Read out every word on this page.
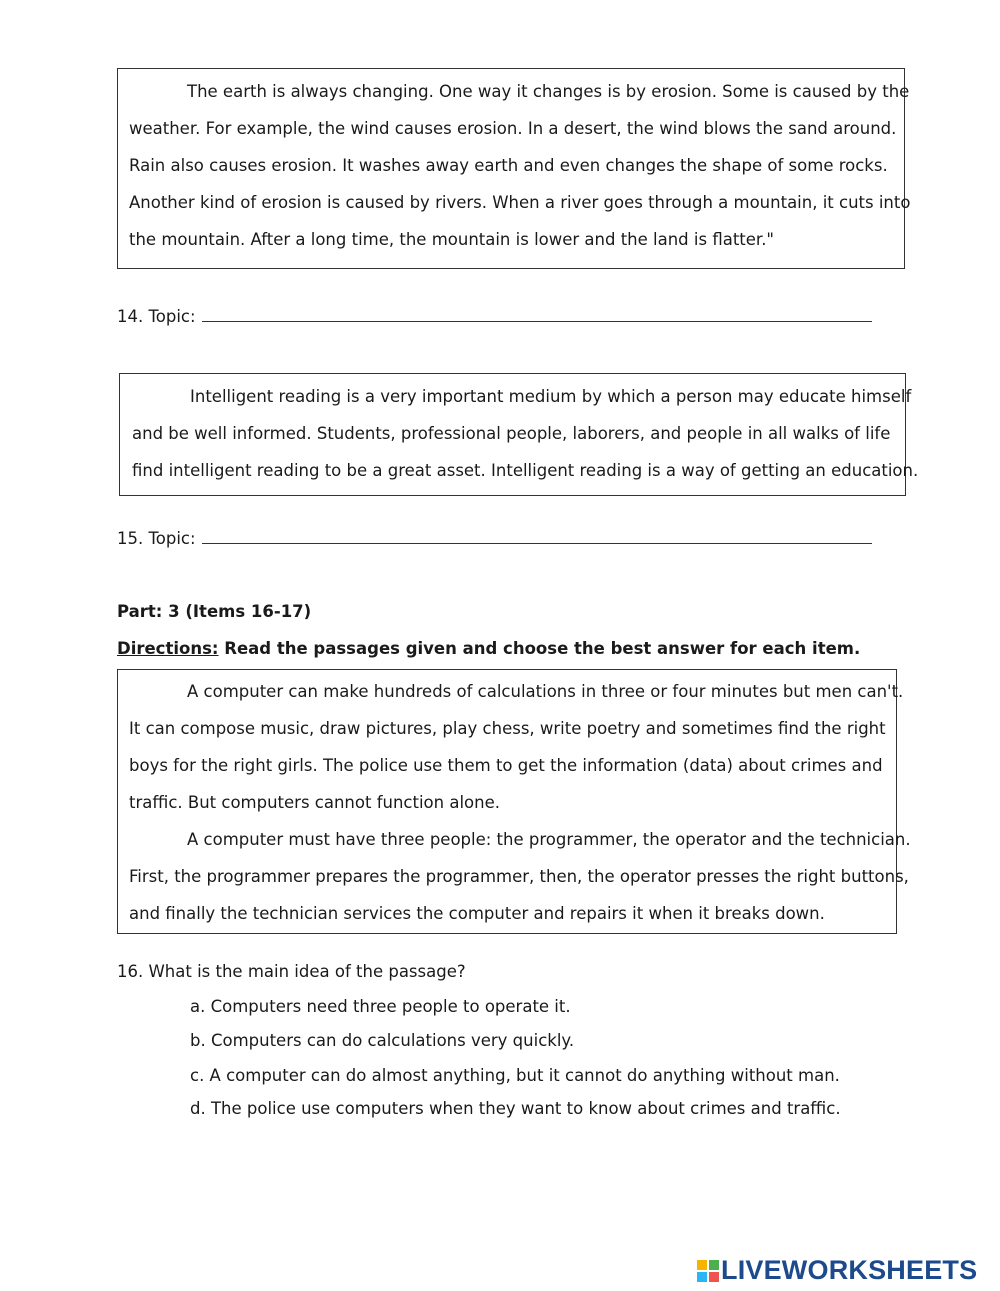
The earth is always changing. One way it changes is by erosion. Some is caused by the

weather. For example, the wind causes erosion. In a desert, the wind blows the sand around.

Rain also causes erosion. It washes away earth and even changes the shape of some rocks.

Another kind of erosion is caused by rivers. When a river goes through a mountain, it cuts into

the mountain. After a long time, the mountain is lower and the land is flatter."

14. Topic:

Intelligent reading is a very important medium by which a person may educate himself

and be well informed. Students, professional people, laborers, and people in all walks of life

find intelligent reading to be a great asset. Intelligent reading is a way of getting an education.

15. Topic:
Part: 3 (Items 16-17)
Directions: Read the passages given and choose the best answer for each item.

A computer can make hundreds of calculations in three or four minutes but men can't.

It can compose music, draw pictures, play chess, write poetry and sometimes find the right

boys for the right girls. The police use them to get the information (data) about crimes and

traffic. But computers cannot function alone.

A computer must have three people: the programmer, the operator and the technician.

First, the programmer prepares the programmer, then, the operator presses the right buttons,

and finally the technician services the computer and repairs it when it breaks down.

16. What is the main idea of the passage?
a. Computers need three people to operate it.
b. Computers can do calculations very quickly.
c. A computer can do almost anything, but it cannot do anything without man.
d. The police use computers when they want to know about crimes and traffic.
LIVEWORKSHEETS
